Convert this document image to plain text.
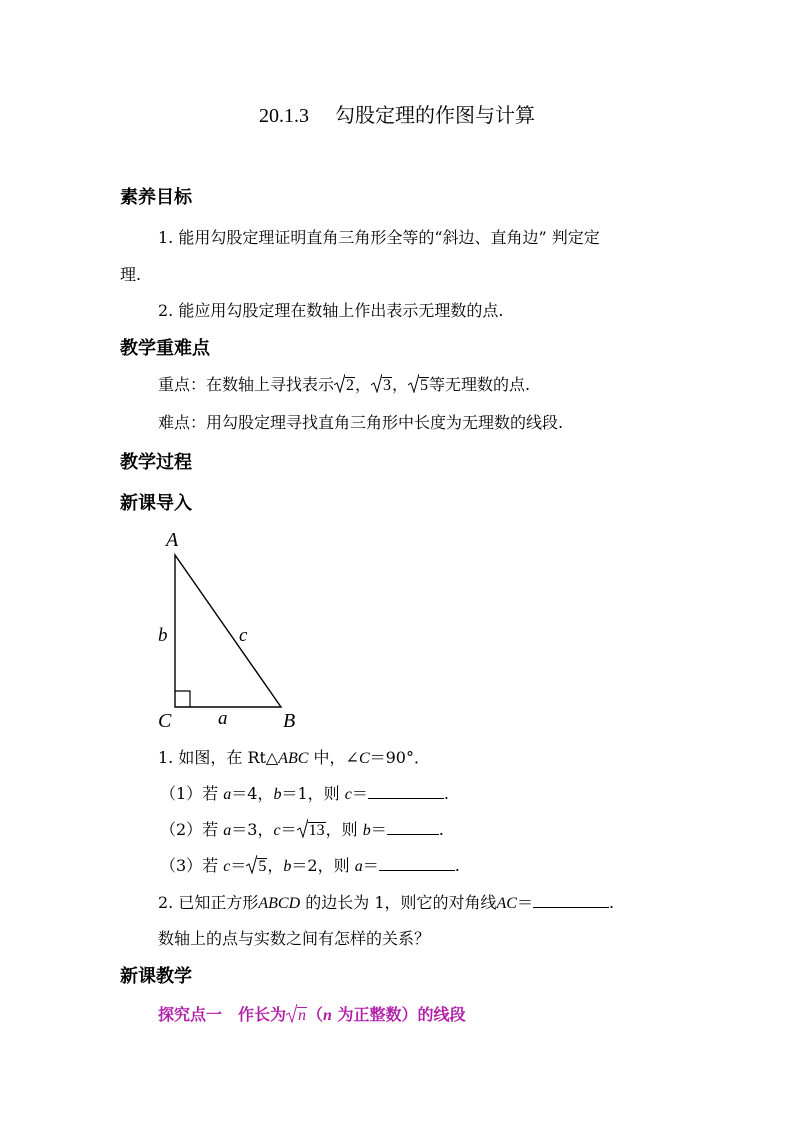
20.1.3 勾股定理的作图与计算
素养目标
1. 能用勾股定理证明直角三角形全等的“斜边、直角边” 判定定
理.
2. 能应用勾股定理在数轴上作出表示无理数的点.
教学重难点
重点：在数轴上寻找表示 2， 3， 5等无理数的点.
难点：用勾股定理寻找直角三角形中长度为无理数的线段.
教学过程
新课导入
A
C	B
b	c
a
1. 如图，在 Rt△ABC 中，∠C＝90°．
（1）若 a＝4，b＝1，则 c＝	.
（2）若 a＝3，c＝ 13，则 b＝	.
（3）若 c＝ 5，b＝2，则 a＝	.
2. 已知正方形ABCD 的边长为 1，则它的对角线AC＝	.
数轴上的点与实数之间有怎样的关系？
新课教学
探究点一　作长为 n（n 为正整数）的线段
